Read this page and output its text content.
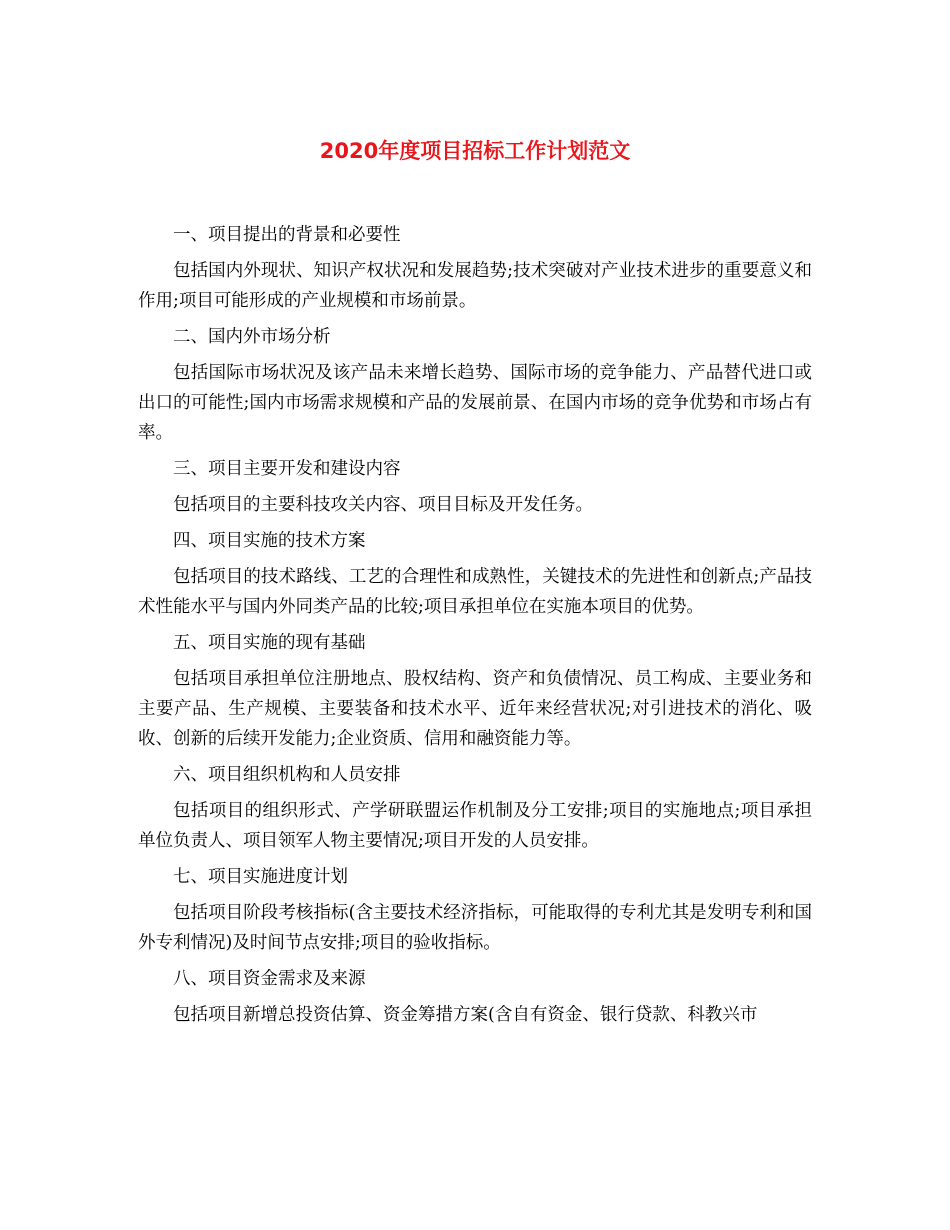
2020年度项目招标工作计划范文

一、项目提出的背景和必要性

包括国内外现状、知识产权状况和发展趋势;技术突破对产业技术进步的重要意义和作用;项目可能形成的产业规模和市场前景。

二、国内外市场分析

包括国际市场状况及该产品未来增长趋势、国际市场的竞争能力、产品替代进口或出口的可能性;国内市场需求规模和产品的发展前景、在国内市场的竞争优势和市场占有率。

三、项目主要开发和建设内容

包括项目的主要科技攻关内容、项目目标及开发任务。

四、项目实施的技术方案

包括项目的技术路线、工艺的合理性和成熟性，关键技术的先进性和创新点;产品技术性能水平与国内外同类产品的比较;项目承担单位在实施本项目的优势。

五、项目实施的现有基础

包括项目承担单位注册地点、股权结构、资产和负债情况、员工构成、主要业务和主要产品、生产规模、主要装备和技术水平、近年来经营状况;对引进技术的消化、吸收、创新的后续开发能力;企业资质、信用和融资能力等。

六、项目组织机构和人员安排

包括项目的组织形式、产学研联盟运作机制及分工安排;项目的实施地点;项目承担单位负责人、项目领军人物主要情况;项目开发的人员安排。

七、项目实施进度计划

包括项目阶段考核指标(含主要技术经济指标，可能取得的专利尤其是发明专利和国外专利情况)及时间节点安排;项目的验收指标。

八、项目资金需求及来源

包括项目新增总投资估算、资金筹措方案(含自有资金、银行贷款、科教兴市
